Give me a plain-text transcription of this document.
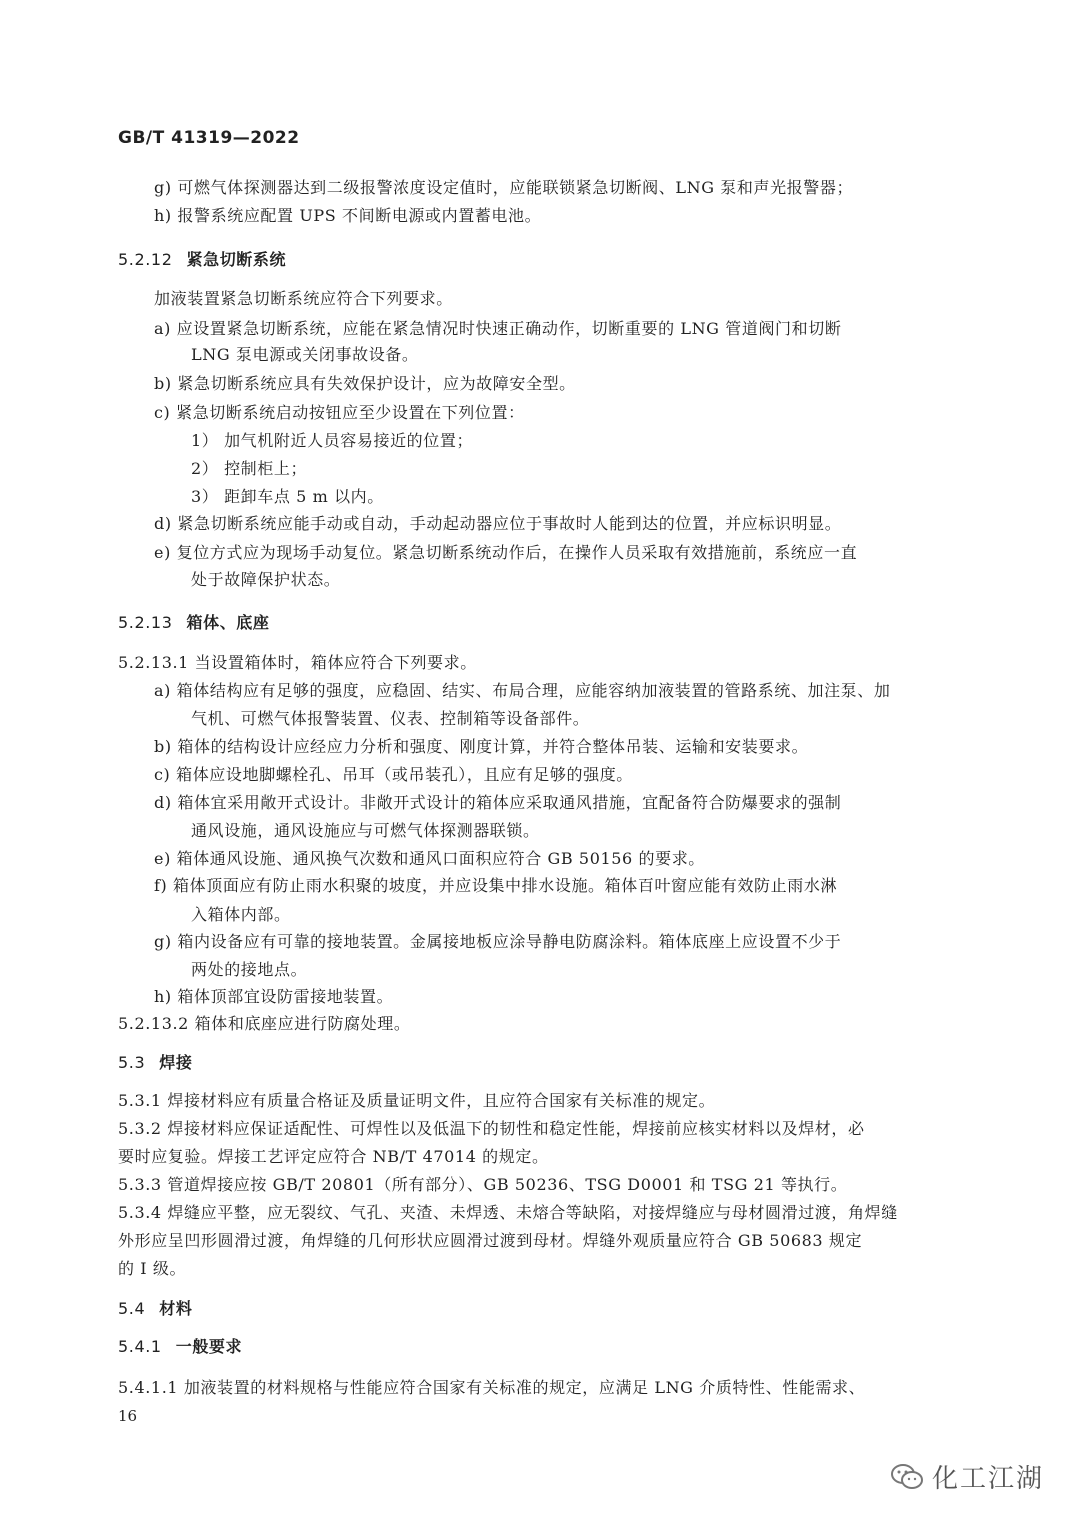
GB/T 41319—2022
g) 可燃气体探测器达到二级报警浓度设定值时，应能联锁紧急切断阀、LNG 泵和声光报警器；
h) 报警系统应配置 UPS 不间断电源或内置蓄电池。
5.2.12 紧急切断系统
加液装置紧急切断系统应符合下列要求。
a) 应设置紧急切断系统，应能在紧急情况时快速正确动作，切断重要的 LNG 管道阀门和切断
LNG 泵电源或关闭事故设备。
b) 紧急切断系统应具有失效保护设计，应为故障安全型。
c) 紧急切断系统启动按钮应至少设置在下列位置：
1） 加气机附近人员容易接近的位置；
2） 控制柜上；
3） 距卸车点 5 m 以内。
d) 紧急切断系统应能手动或自动，手动起动器应位于事故时人能到达的位置，并应标识明显。
e) 复位方式应为现场手动复位。紧急切断系统动作后，在操作人员采取有效措施前，系统应一直
处于故障保护状态。
5.2.13 箱体、底座
5.2.13.1 当设置箱体时，箱体应符合下列要求。
a) 箱体结构应有足够的强度，应稳固、结实、布局合理，应能容纳加液装置的管路系统、加注泵、加
气机、可燃气体报警装置、仪表、控制箱等设备部件。
b) 箱体的结构设计应经应力分析和强度、刚度计算，并符合整体吊装、运输和安装要求。
c) 箱体应设地脚螺栓孔、吊耳（或吊装孔），且应有足够的强度。
d) 箱体宜采用敞开式设计。非敞开式设计的箱体应采取通风措施，宜配备符合防爆要求的强制
通风设施，通风设施应与可燃气体探测器联锁。
e) 箱体通风设施、通风换气次数和通风口面积应符合 GB 50156 的要求。
f) 箱体顶面应有防止雨水积聚的坡度，并应设集中排水设施。箱体百叶窗应能有效防止雨水淋
入箱体内部。
g) 箱内设备应有可靠的接地装置。金属接地板应涂导静电防腐涂料。箱体底座上应设置不少于
两处的接地点。
h) 箱体顶部宜设防雷接地装置。
5.2.13.2 箱体和底座应进行防腐处理。
5.3 焊接
5.3.1 焊接材料应有质量合格证及质量证明文件，且应符合国家有关标准的规定。
5.3.2 焊接材料应保证适配性、可焊性以及低温下的韧性和稳定性能，焊接前应核实材料以及焊材，必
要时应复验。焊接工艺评定应符合 NB/T 47014 的规定。
5.3.3 管道焊接应按 GB/T 20801（所有部分）、GB 50236、TSG D0001 和 TSG 21 等执行。
5.3.4 焊缝应平整，应无裂纹、气孔、夹渣、未焊透、未熔合等缺陷，对接焊缝应与母材圆滑过渡，角焊缝
外形应呈凹形圆滑过渡，角焊缝的几何形状应圆滑过渡到母材。焊缝外观质量应符合 GB 50683 规定
的 I 级。
5.4 材料
5.4.1 一般要求
5.4.1.1 加液装置的材料规格与性能应符合国家有关标准的规定，应满足 LNG 介质特性、性能需求、
16
化工江湖
